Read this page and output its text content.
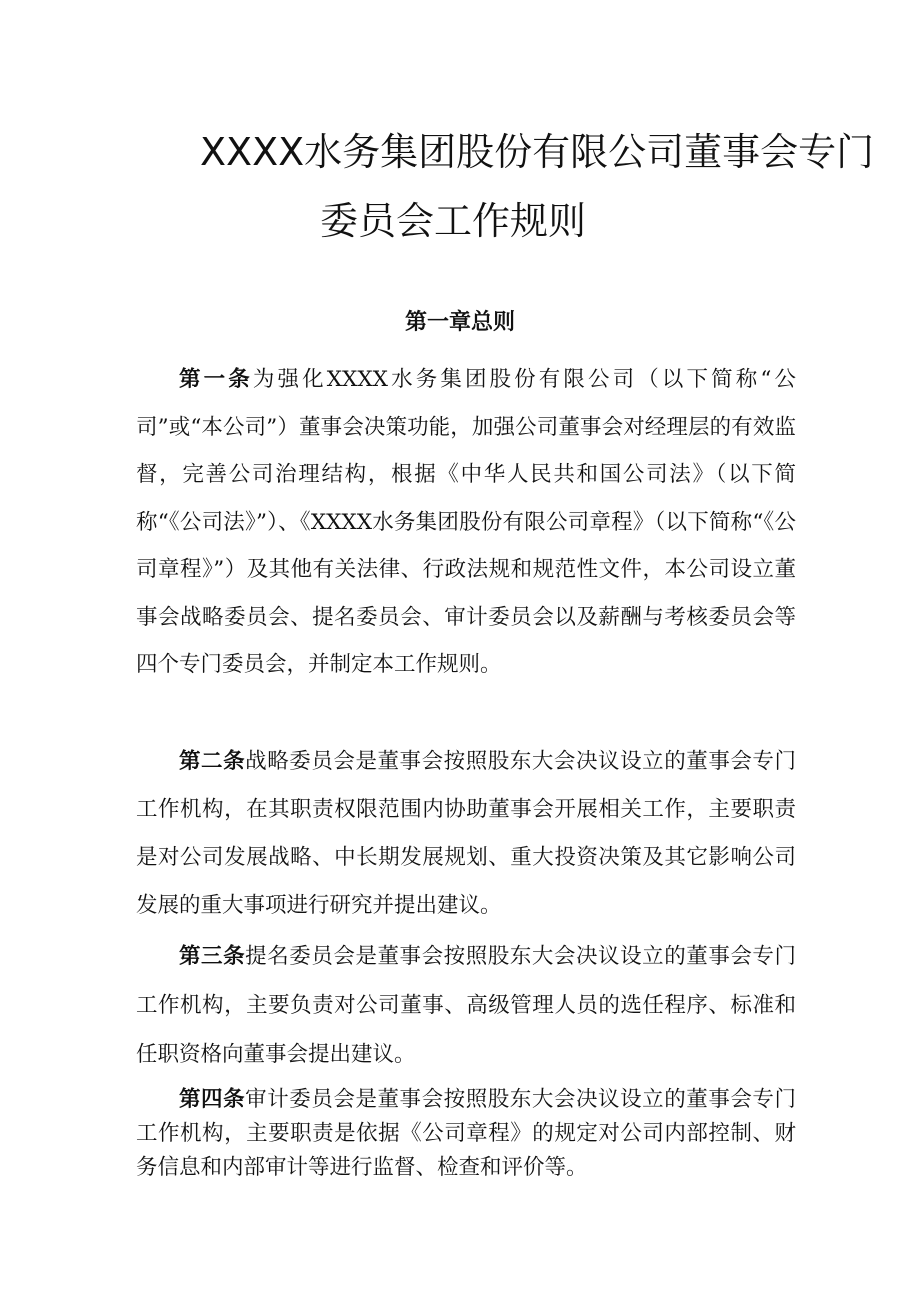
XXXX水务集团股份有限公司董事会专门
委员会工作规则
第一章总则

第一条为强化XXXX水务集团股份有限公司（以下简称“公司”或“本公司”）董事会决策功能，加强公司董事会对经理层的有效监督，完善公司治理结构，根据《中华人民共和国公司法》（以下简称“《公司法》”）、《XXXX水务集团股份有限公司章程》（以下简称“《公司章程》”）及其他有关法律、行政法规和规范性文件，本公司设立董事会战略委员会、提名委员会、审计委员会以及薪酬与考核委员会等四个专门委员会，并制定本工作规则。

第二条战略委员会是董事会按照股东大会决议设立的董事会专门工作机构，在其职责权限范围内协助董事会开展相关工作，主要职责是对公司发展战略、中长期发展规划、重大投资决策及其它影响公司发展的重大事项进行研究并提出建议。

第三条提名委员会是董事会按照股东大会决议设立的董事会专门工作机构，主要负责对公司董事、高级管理人员的选任程序、标准和任职资格向董事会提出建议。

第四条审计委员会是董事会按照股东大会决议设立的董事会专门工作机构，主要职责是依据《公司章程》的规定对公司内部控制、财务信息和内部审计等进行监督、检查和评价等。
